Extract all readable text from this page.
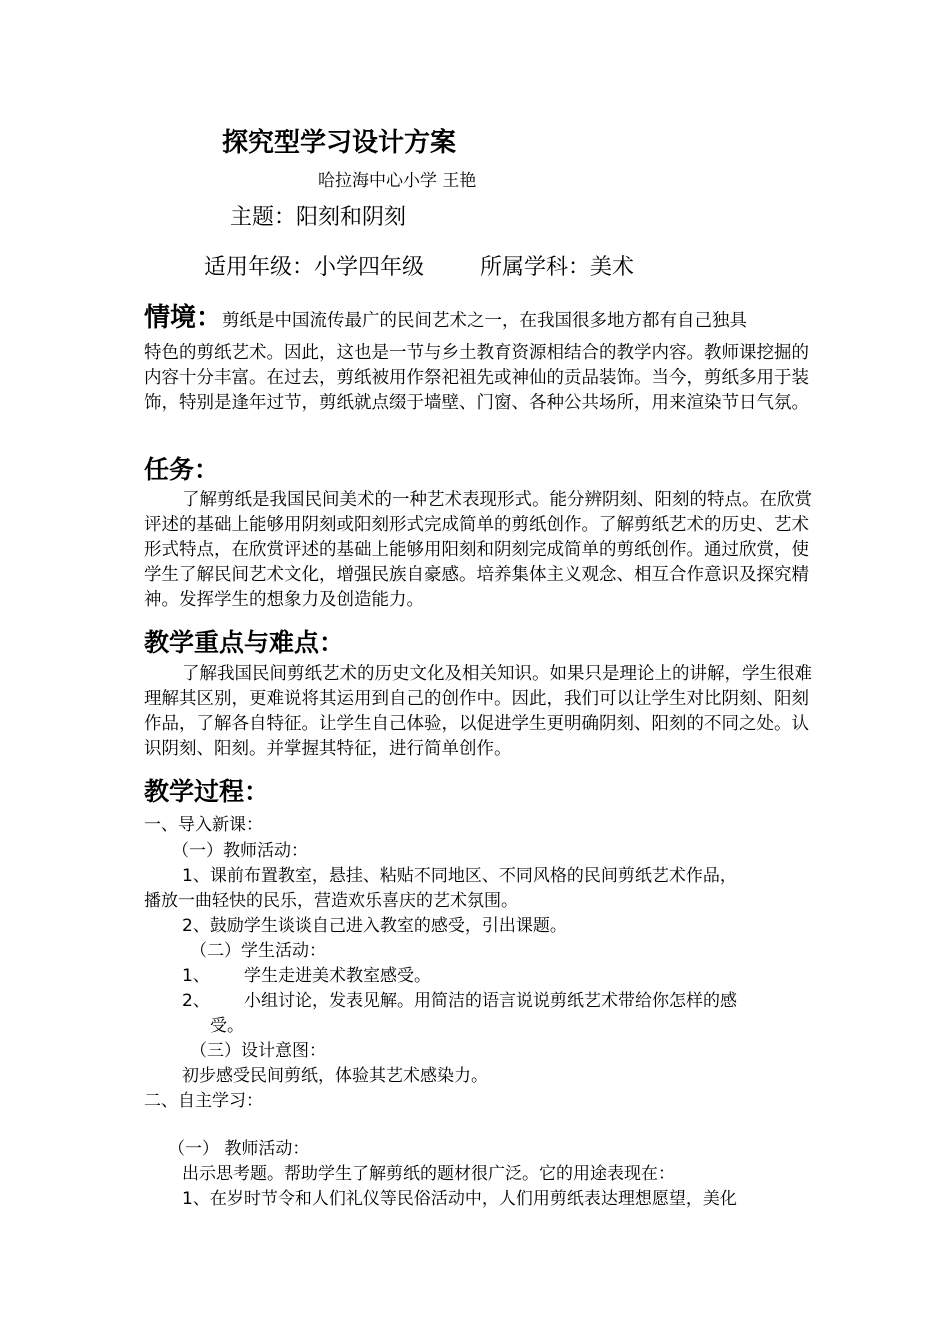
探究型学习设计方案
哈拉海中心小学 王艳
主题：阳刻和阴刻
适用年级：小学四年级	所属学科：美术
情境：剪纸是中国流传最广的民间艺术之一，在我国很多地方都有自己独具
特色的剪纸艺术。因此，这也是一节与乡土教育资源相结合的教学内容。教师课挖掘的内容十分丰富。在过去，剪纸被用作祭祀祖先或神仙的贡品装饰。当今，剪纸多用于装饰，特别是逢年过节，剪纸就点缀于墙壁、门窗、各种公共场所，用来渲染节日气氛。
任务：
了解剪纸是我国民间美术的一种艺术表现形式。能分辨阴刻、阳刻的特点。在欣赏评述的基础上能够用阴刻或阳刻形式完成简单的剪纸创作。了解剪纸艺术的历史、艺术形式特点，在欣赏评述的基础上能够用阳刻和阴刻完成简单的剪纸创作。通过欣赏，使学生了解民间艺术文化，增强民族自豪感。培养集体主义观念、相互合作意识及探究精神。发挥学生的想象力及创造能力。
教学重点与难点：
了解我国民间剪纸艺术的历史文化及相关知识。如果只是理论上的讲解，学生很难理解其区别，更难说将其运用到自己的创作中。因此，我们可以让学生对比阴刻、阳刻作品，了解各自特征。让学生自己体验，以促进学生更明确阴刻、阳刻的不同之处。认识阴刻、阳刻。并掌握其特征，进行简单创作。
教学过程：
一、导入新课：
（一）教师活动：
1、课前布置教室，悬挂、粘贴不同地区、不同风格的民间剪纸艺术作品，
播放一曲轻快的民乐，营造欢乐喜庆的艺术氛围。
2、鼓励学生谈谈自己进入教室的感受，引出课题。
（二）学生活动：
1、 学生走进美术教室感受。
2、 小组讨论，发表见解。用简洁的语言说说剪纸艺术带给你怎样的感
受。
（三）设计意图：
初步感受民间剪纸，体验其艺术感染力。
二、自主学习：
（一） 教师活动：
出示思考题。帮助学生了解剪纸的题材很广泛。它的用途表现在：
1、在岁时节令和人们礼仪等民俗活动中，人们用剪纸表达理想愿望，美化
